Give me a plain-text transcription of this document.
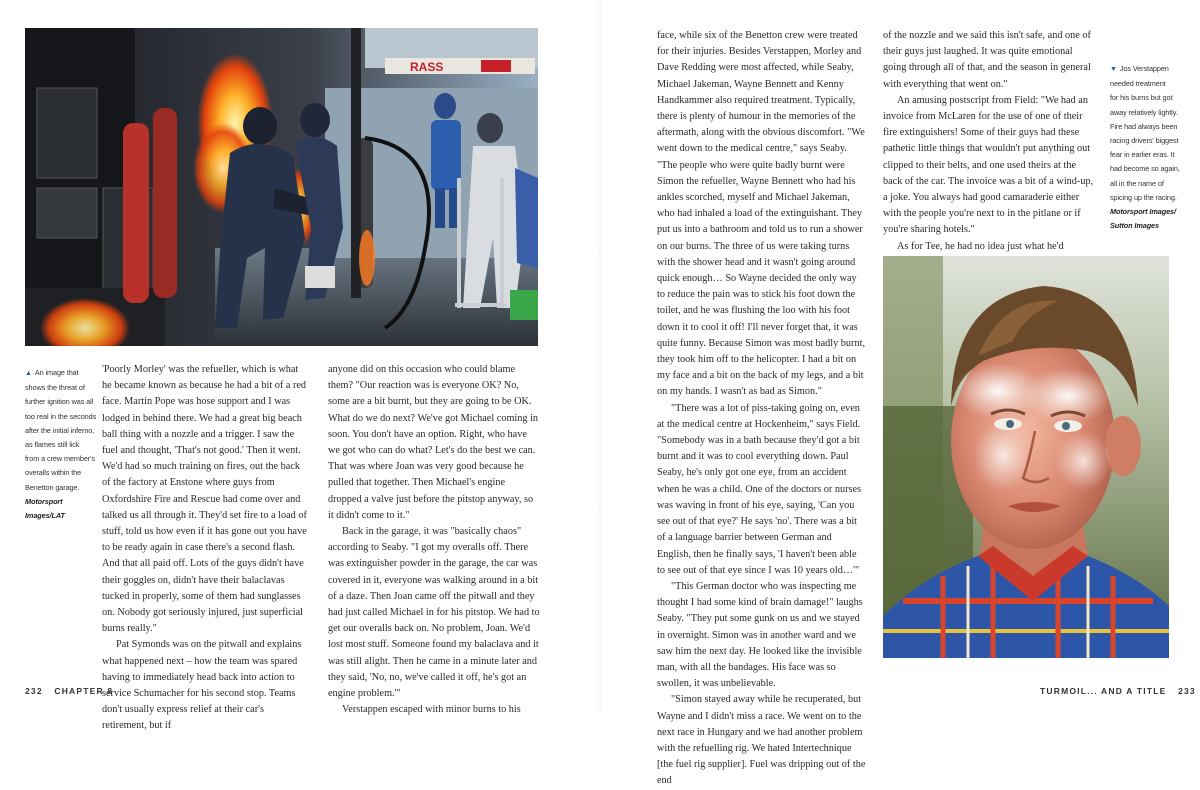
RASS
▲ An image that
shows the threat of
further ignition was all
too real in the seconds
after the initial inferno,
as flames still lick
from a crew member's
overalls within the
Benetton garage.
Motorsport Images/LAT

'Poorly Morley' was the refueller, which is what he became known as because he had a bit of a red face. Martin Pope was hose support and I was lodged in behind there. We had a great big beach ball thing with a nozzle and a trigger. I saw the fuel and thought, 'That's not good.' Then it went. We'd had so much training on fires, out the back of the factory at Enstone where guys from Oxfordshire Fire and Rescue had come over and talked us all through it. They'd set fire to a load of stuff, told us how even if it has gone out you have to be ready again in case there's a second flash. And that all paid off. Lots of the guys didn't have their goggles on, didn't have their balaclavas tucked in properly, some of them had sunglasses on. Nobody got seriously injured, just superficial burns really."

Pat Symonds was on the pitwall and explains what happened next – how the team was spared having to immediately head back into action to service Schumacher for his second stop. Teams don't usually express relief at their car's retirement, but if

anyone did on this occasion who could blame them? "Our reaction was is everyone OK? No, some are a bit burnt, but they are going to be OK. What do we do next? We've got Michael coming in soon. You don't have an option. Right, who have we got who can do what? Let's do the best we can. That was where Joan was very good because he pulled that together. Then Michael's engine dropped a valve just before the pitstop anyway, so it didn't come to it."

Back in the garage, it was "basically chaos" according to Seaby. "I got my overalls off. There was extinguisher powder in the garage, the car was covered in it, everyone was walking around in a bit of a daze. Then Joan came off the pitwall and they had just called Michael in for his pitstop. We had to get our overalls back on. No problem, Joan. We'd lost most stuff. Someone found my balaclava and it was still alight. Then he came in a minute later and they said, 'No, no, we've called it off, he's got an engine problem.'"

Verstappen escaped with minor burns to his

232 CHAPTER 8

face, while six of the Benetton crew were treated for their injuries. Besides Verstappen, Morley and Dave Redding were most affected, while Seaby, Michael Jakeman, Wayne Bennett and Kenny Handkammer also required treatment. Typically, there is plenty of humour in the memories of the aftermath, along with the obvious discomfort. "We went down to the medical centre," says Seaby. "The people who were quite badly burnt were Simon the refueller, Wayne Bennett who had his ankles scorched, myself and Michael Jakeman, who had inhaled a load of the extinguishant. They put us into a bathroom and told us to run a shower on our burns. The three of us were taking turns with the shower head and it wasn't going around quick enough… So Wayne decided the only way to reduce the pain was to stick his foot down the toilet, and he was flushing the loo with his foot down it to cool it off! I'll never forget that, it was quite funny. Because Simon was most badly burnt, they took him off to the helicopter. I had a bit on my face and a bit on the back of my legs, and a bit on my hands. I wasn't as bad as Simon."

"There was a lot of piss-taking going on, even at the medical centre at Hockenheim," says Field. "Somebody was in a bath because they'd got a bit burnt and it was to cool everything down. Paul Seaby, he's only got one eye, from an accident when he was a child. One of the doctors or nurses was waving in front of his eye, saying, 'Can you see out of that eye?' He says 'no'. There was a bit of a language barrier between German and English, then he finally says, 'I haven't been able to see out of that eye since I was 10 years old…'"

"This German doctor who was inspecting me thought I had some kind of brain damage!" laughs Seaby. "They put some gunk on us and we stayed in overnight. Simon was in another ward and we saw him the next day. He looked like the invisible man, with all the bandages. His face was so swollen, it was unbelievable.

"Simon stayed away while he recuperated, but Wayne and I didn't miss a race. We went on to the next race in Hungary and we had another problem with the refuelling rig. We hated Intertechnique [the fuel rig supplier]. Fuel was dripping out of the end

of the nozzle and we said this isn't safe, and one of their guys just laughed. It was quite emotional going through all of that, and the season in general with everything that went on."

An amusing postscript from Field: "We had an invoice from McLaren for the use of one of their fire extinguishers! Some of their guys had these pathetic little things that wouldn't put anything out clipped to their belts, and one used theirs at the back of the car. The invoice was a bit of a wind-up, a joke. You always had good camaraderie either with the people you're next to in the pitlane or if you're sharing hotels."

As for Tee, he had no idea just what he'd

▼ Jos Verstappen
needed treatment
for his burns but got
away relatively lightly.
Fire had always been
racing drivers' biggest
fear in earlier eras. It
had become so again,
all in the name of
spicing up the racing.
Motorsport Images/
Sutton Images
TURMOIL... AND A TITLE 233
